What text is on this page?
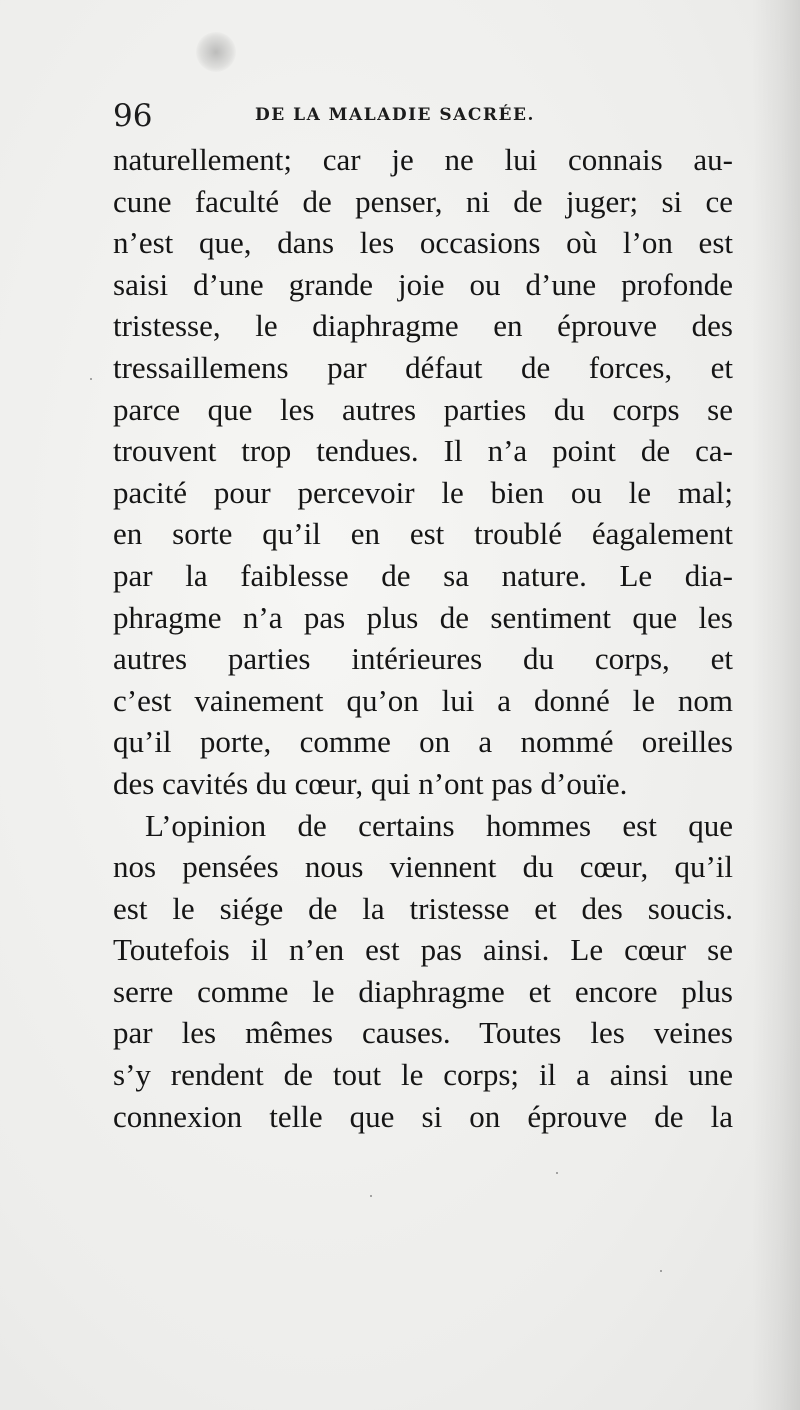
96	DE LA MALADIE SACRÉE.
naturellement; car je ne lui connais au-
cune faculté de penser, ni de juger; si ce
n’est que, dans les occasions où l’on est
saisi d’une grande joie ou d’une profonde
tristesse, le diaphragme en éprouve des
tressaillemens par défaut de forces, et
parce que les autres parties du corps se
trouvent trop tendues. Il n’a point de ca-
pacité pour percevoir le bien ou le mal;
en sorte qu’il en est troublé éagalement
par la faiblesse de sa nature. Le dia-
phragme n’a pas plus de sentiment que les
autres parties intérieures du corps, et
c’est vainement qu’on lui a donné le nom
qu’il porte, comme on a nommé oreilles
des cavités du cœur, qui n’ont pas d’ouïe.
L’opinion de certains hommes est que
nos pensées nous viennent du cœur, qu’il
est le siége de la tristesse et des soucis.
Toutefois il n’en est pas ainsi. Le cœur se
serre comme le diaphragme et encore plus
par les mêmes causes. Toutes les veines
s’y rendent de tout le corps; il a ainsi une
connexion telle que si on éprouve de la
